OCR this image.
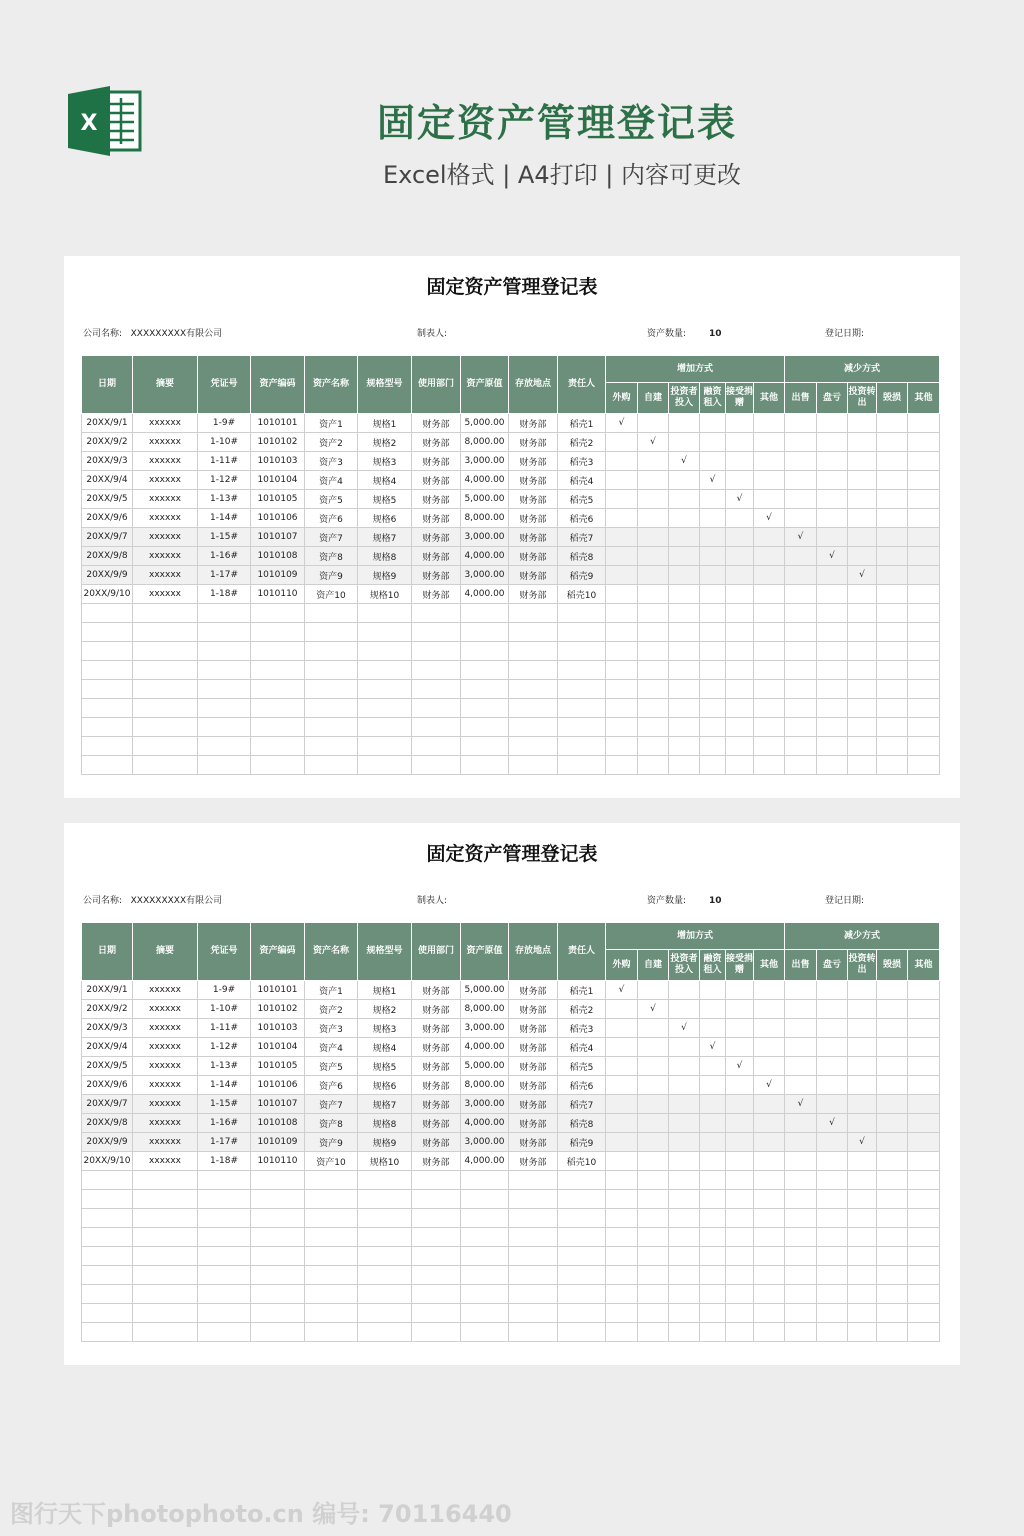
X	固定资产管理登记表
Excel格式 | A4打印 | 内容可更改
固定资产管理登记表
公司名称: XXXXXXXXX有限公司	制表人:	资产数量:	10	登记日期:
日期	摘要	凭证号	资产编码	资产名称	规格型号	使用部门	资产原值	存放地点	责任人	增加方式						减少方式				
										外购	自建	投资者投入	融资租入	接受捐赠	其他	出售	盘亏	投资转出	毁损	其他
20XX/9/1	xxxxxx	1-9#	1010101	资产1	规格1	财务部	5,000.00	财务部	稻壳1	√										
20XX/9/2	xxxxxx	1-10#	1010102	资产2	规格2	财务部	8,000.00	财务部	稻壳2		√									
20XX/9/3	xxxxxx	1-11#	1010103	资产3	规格3	财务部	3,000.00	财务部	稻壳3			√								
20XX/9/4	xxxxxx	1-12#	1010104	资产4	规格4	财务部	4,000.00	财务部	稻壳4				√							
20XX/9/5	xxxxxx	1-13#	1010105	资产5	规格5	财务部	5,000.00	财务部	稻壳5					√						
20XX/9/6	xxxxxx	1-14#	1010106	资产6	规格6	财务部	8,000.00	财务部	稻壳6						√					
20XX/9/7	xxxxxx	1-15#	1010107	资产7	规格7	财务部	3,000.00	财务部	稻壳7							√				
20XX/9/8	xxxxxx	1-16#	1010108	资产8	规格8	财务部	4,000.00	财务部	稻壳8								√			
20XX/9/9	xxxxxx	1-17#	1010109	资产9	规格9	财务部	3,000.00	财务部	稻壳9									√		
20XX/9/10	xxxxxx	1-18#	1010110	资产10	规格10	财务部	4,000.00	财务部	稻壳10											

固定资产管理登记表
公司名称: XXXXXXXXX有限公司	制表人:	资产数量:	10	登记日期:
日期	摘要	凭证号	资产编码	资产名称	规格型号	使用部门	资产原值	存放地点	责任人	增加方式						减少方式				
										外购	自建	投资者投入	融资租入	接受捐赠	其他	出售	盘亏	投资转出	毁损	其他
20XX/9/1	xxxxxx	1-9#	1010101	资产1	规格1	财务部	5,000.00	财务部	稻壳1	√										
20XX/9/2	xxxxxx	1-10#	1010102	资产2	规格2	财务部	8,000.00	财务部	稻壳2		√									
20XX/9/3	xxxxxx	1-11#	1010103	资产3	规格3	财务部	3,000.00	财务部	稻壳3			√								
20XX/9/4	xxxxxx	1-12#	1010104	资产4	规格4	财务部	4,000.00	财务部	稻壳4				√							
20XX/9/5	xxxxxx	1-13#	1010105	资产5	规格5	财务部	5,000.00	财务部	稻壳5					√						
20XX/9/6	xxxxxx	1-14#	1010106	资产6	规格6	财务部	8,000.00	财务部	稻壳6						√					
20XX/9/7	xxxxxx	1-15#	1010107	资产7	规格7	财务部	3,000.00	财务部	稻壳7							√				
20XX/9/8	xxxxxx	1-16#	1010108	资产8	规格8	财务部	4,000.00	财务部	稻壳8								√			
20XX/9/9	xxxxxx	1-17#	1010109	资产9	规格9	财务部	3,000.00	财务部	稻壳9									√		
20XX/9/10	xxxxxx	1-18#	1010110	资产10	规格10	财务部	4,000.00	财务部	稻壳10											

图行天下photophoto.cn 编号: 70116440
